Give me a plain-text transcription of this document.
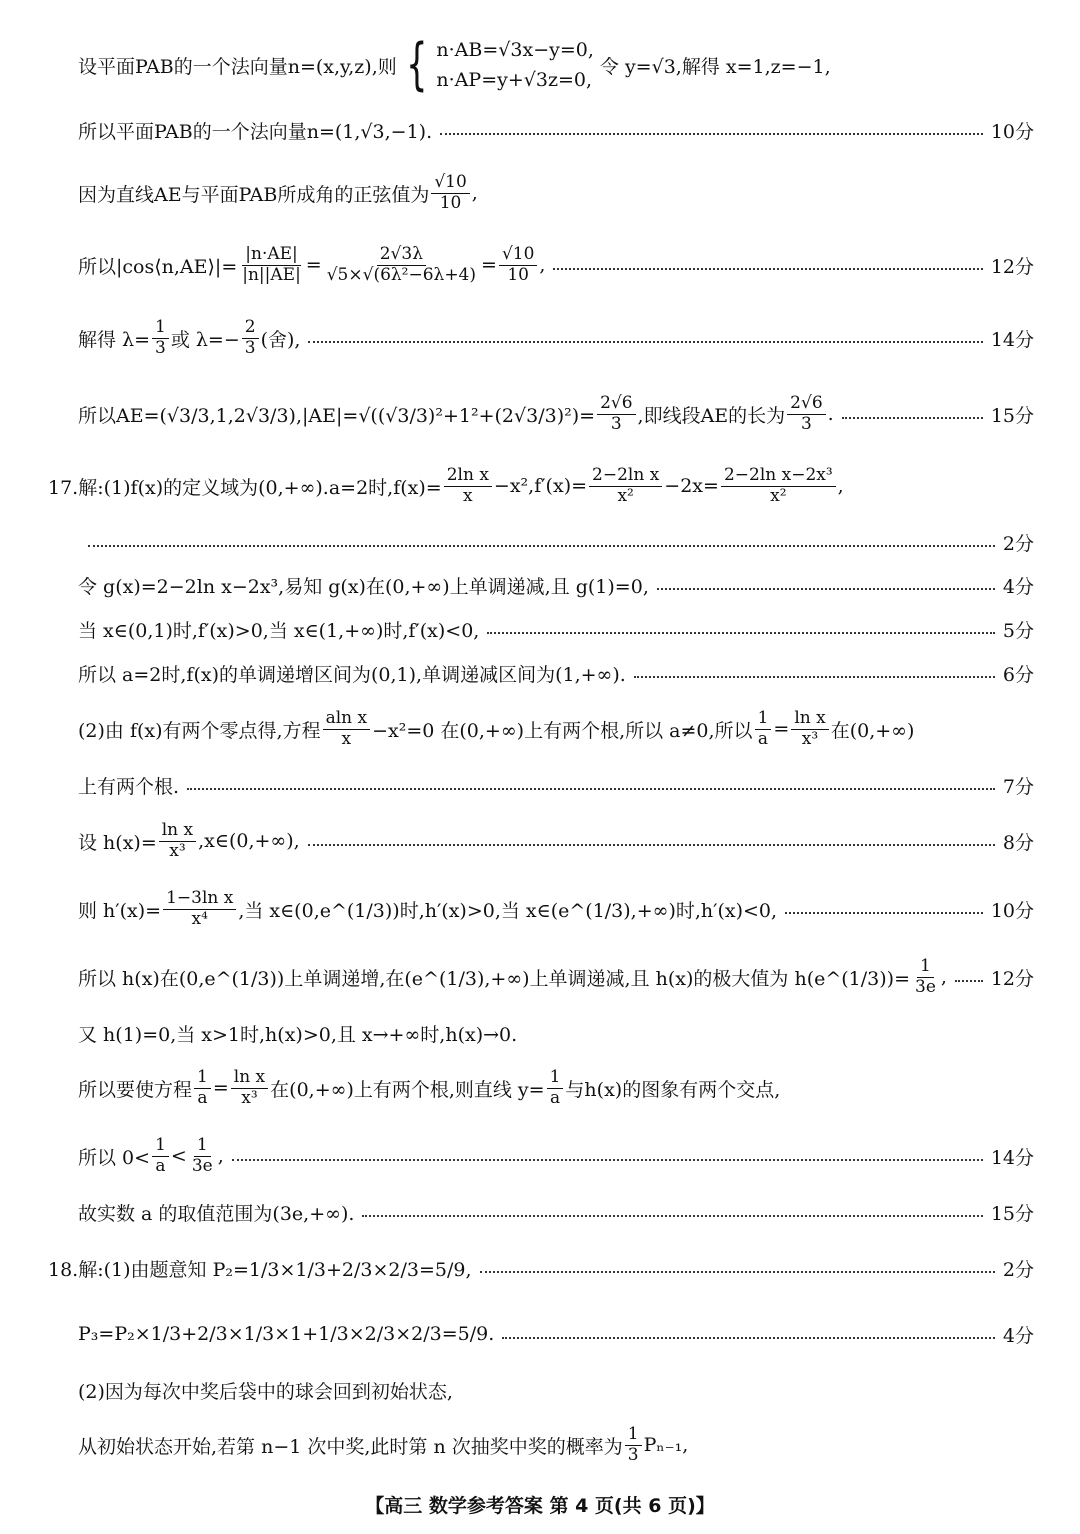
设平面PAB的一个法向量n=(x,y,z),则 { n·AB=√3x−y=0,
n·AP=y+√3z=0,
令 y=√3,解得 x=1,z=−1,
所以平面PAB的一个法向量n=(1,√3,−1).	10分
因为直线AE与平面PAB所成角的正弦值为 $\frac{√10}{10}$ ,
所以|cos⟨n,AE⟩|= $\frac{|n\cdot AE|}{|n||AE|} = \frac{2√3\lambda}{\text{√5×√(6λ²−6λ+4)}} = \frac{√10}{10}$ ,	12分
解得 $\lambda= \frac{1}{3}$ 或 $\lambda=- \frac{2}{3}$ (舍),	14分
所以$AE=(√3/3,1,2√3/3),|AE|=√((√3/3)^2+1^2+(2√3/3)^2)= \frac{2√6}{3}$ ,即线段AE的长为 $\frac{2√6}{3}$ .	15分
17.解:(1)f(x)的定义域为(0,+∞).a=2时$,f(x)= \frac{\text{2ln x}}{x} -x^2,f'(x)= \frac{\text{2−2ln x}}{\text{x²}} -2x= \frac{\text{2−2ln x−2x³}}{\text{x²}}$ ,
2分
令 g(x)=2−2ln x−2x³,易知 g(x)在(0,+∞)上单调递减,且 g(1)=0,	4分
当 x∈(0,1)时,f′(x)>0,当 x∈(1,+∞)时,f′(x)<0,	5分
所以 a=2时,f(x)的单调递增区间为(0,1),单调递减区间为(1,+∞).	6分
(2)由 f(x)有两个零点得,方程 $\frac{\text{aln x}}{x} -x^2=0$ 在(0,+∞)上有两个根,所以 a≠0,所以 $\frac{1}{a} = \frac{\text{ln x}}{\text{x³}}$ 在(0,+∞)
上有两个根.	7分
设 $h(x)= \frac{\text{ln x}}{\text{x³}}$ ,x∈(0,+∞),	8分
则 $h'(x)= \frac{\text{1−3ln x}}{\text{x⁴}}$ ,当 x∈(0,e^(1/3))时,h′(x)>0,当 x∈(e^(1/3),+∞)时,h′(x)<0,	10分
所以 h(x)在(0,e^(1/3))上单调递增,在(e^(1/3),+∞)上单调递减,且 h(x)的极大值为 h(e^(1/3))= $\frac{1}{3e}$ , 12分
又 h(1)=0,当 x>1时,h(x)>0,且 x→+∞时,h(x)→0.
所以要使方程 $\frac{1}{a} = \frac{\text{ln x}}{\text{x³}}$ 在(0,+∞)上有两个根,则直线 $y= \frac{1}{a}$ 与h(x)的图象有两个交点,
所以 $0< \frac{1}{a} < \frac{1}{3e}$ ,	14分
故实数 a 的取值范围为(3e,+∞).	15分
18.解:(1)由题意知 P₂=1/3×1/3+2/3×2/3=5/9,	2分
P₃=P₂×1/3+2/3×1/3×1+1/3×2/3×2/3=5/9.	4分
(2)因为每次中奖后袋中的球会回到初始状态,
从初始状态开始,若第 n−1 次中奖,此时第 n 次抽奖中奖的概率为 $\frac{1}{3} P_{n-1}$,
【高三 数学参考答案 第 4 页(共 6 页)】
